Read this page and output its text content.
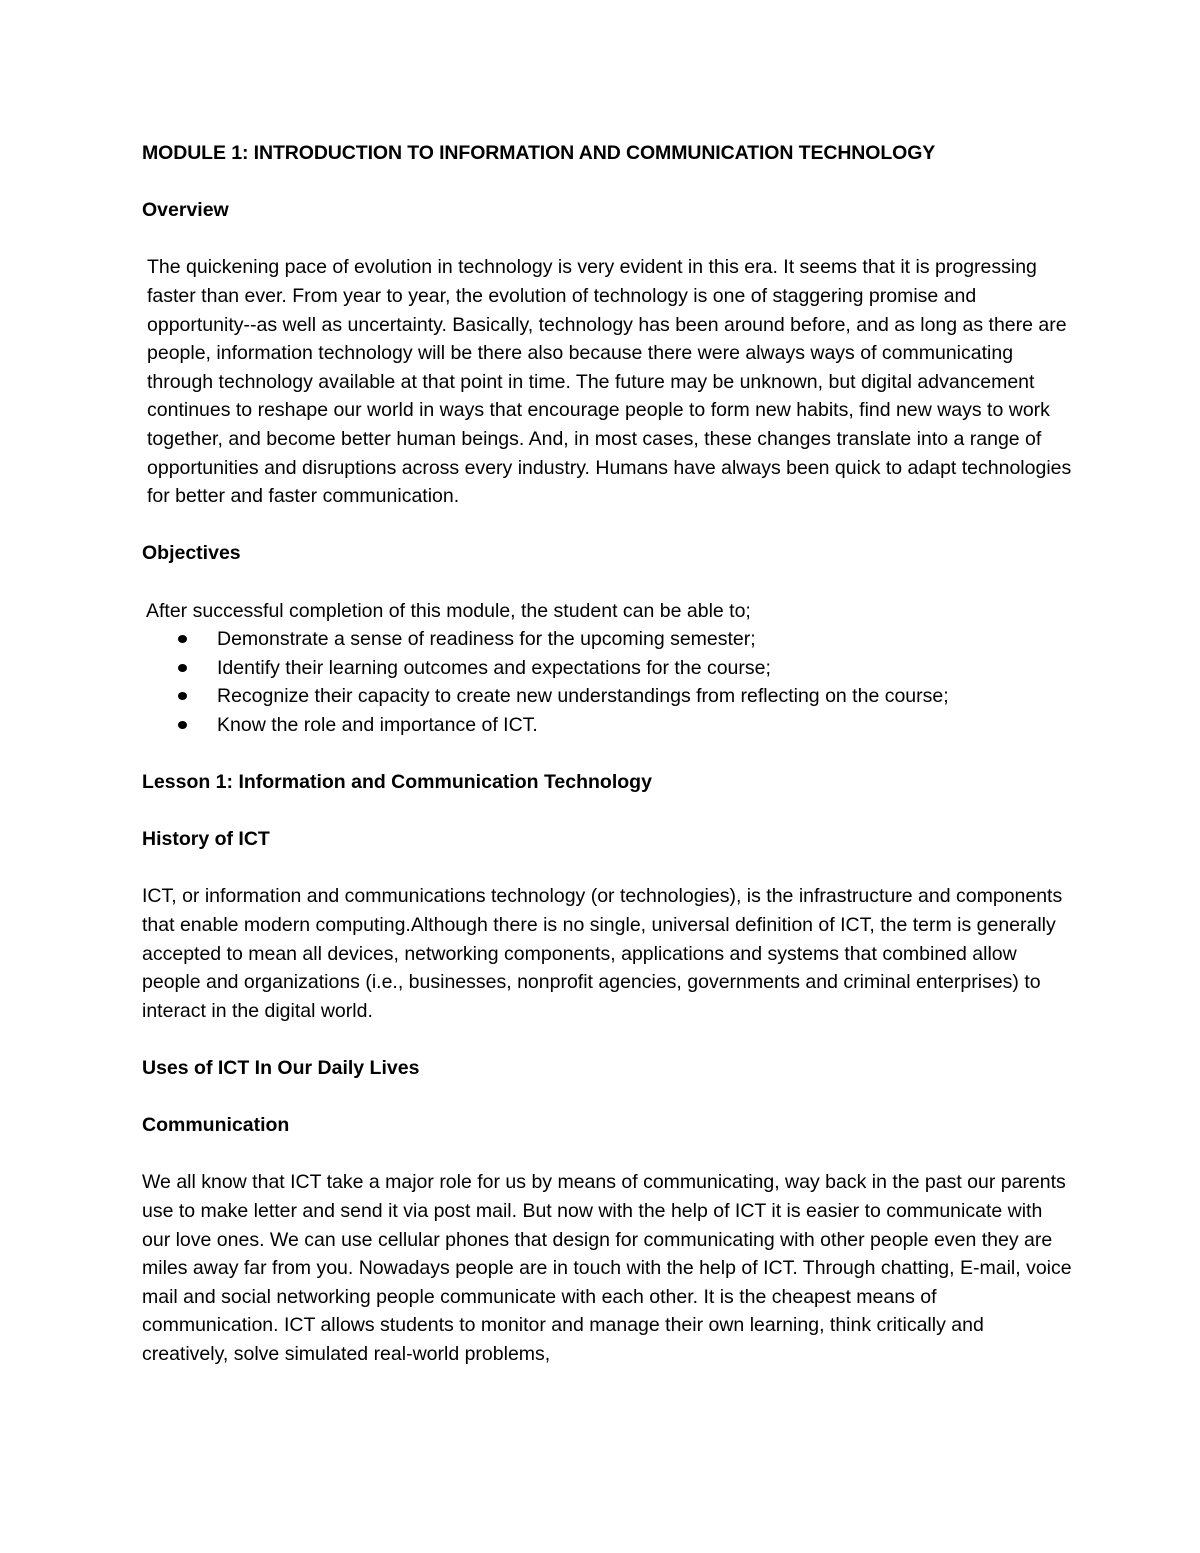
MODULE 1: INTRODUCTION TO INFORMATION AND COMMUNICATION TECHNOLOGY

Overview

The quickening pace of evolution in technology is very evident in this era. It seems that it is progressing faster than ever. From year to year, the evolution of technology is one of staggering promise and opportunity--as well as uncertainty. Basically, technology has been around before, and as long as there are people, information technology will be there also because there were always ways of communicating through technology available at that point in time. The future may be unknown, but digital advancement continues to reshape our world in ways that encourage people to form new habits, find new ways to work together, and become better human beings. And, in most cases, these changes translate into a range of opportunities and disruptions across every industry. Humans have always been quick to adapt technologies for better and faster communication.

Objectives

After successful completion of this module, the student can be able to;

Demonstrate a sense of readiness for the upcoming semester;
Identify their learning outcomes and expectations for the course;
Recognize their capacity to create new understandings from reflecting on the course;
Know the role and importance of ICT.

Lesson 1: Information and Communication Technology

History of ICT

ICT, or information and communications technology (or technologies), is the infrastructure and components that enable modern computing.Although there is no single, universal definition of ICT, the term is generally accepted to mean all devices, networking components, applications and systems that combined allow people and organizations (i.e., businesses, nonprofit agencies, governments and criminal enterprises) to interact in the digital world.

Uses of ICT In Our Daily Lives

Communication

We all know that ICT take a major role for us by means of communicating, way back in the past our parents use to make letter and send it via post mail. But now with the help of ICT it is easier to communicate with our love ones. We can use cellular phones that design for communicating with other people even they are miles away far from you. Nowadays people are in touch with the help of ICT. Through chatting, E-mail, voice mail and social networking people communicate with each other. It is the cheapest means of communication. ICT allows students to monitor and manage their own learning, think critically and creatively, solve simulated real-world problems,
